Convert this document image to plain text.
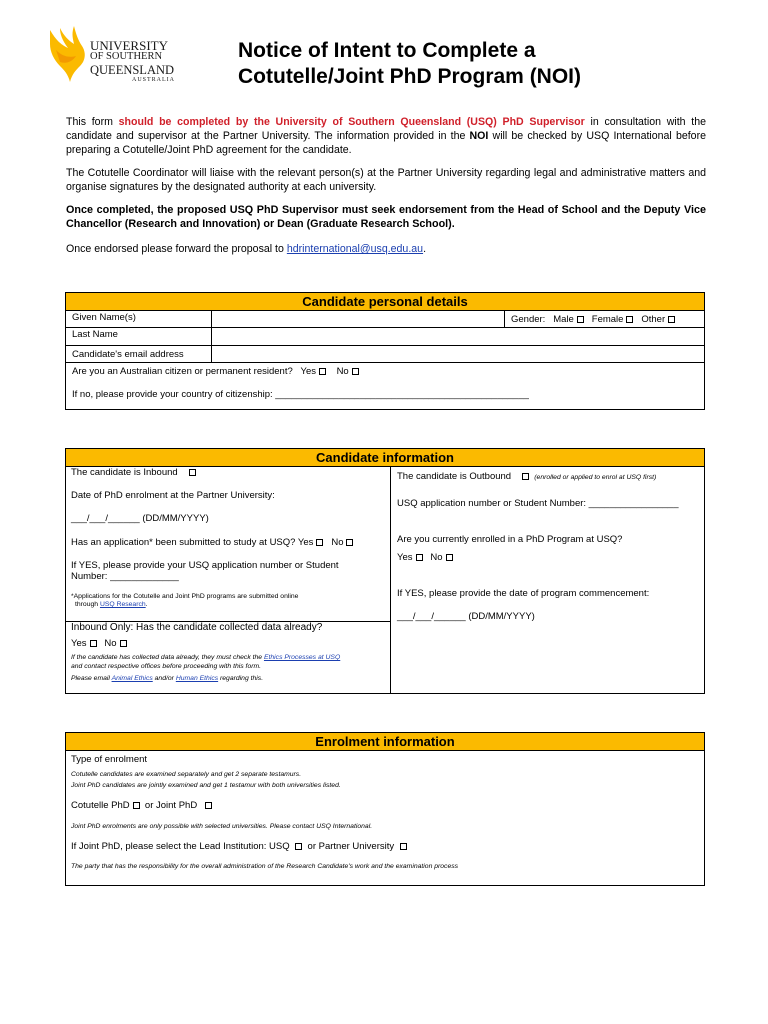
UNIVERSITY
OF SOUTHERN
QUEENSLAND
AUSTRALIA
Notice of Intent to Complete a
Cotutelle/Joint PhD Program (NOI)
This form should be completed by the University of Southern Queensland (USQ) PhD Supervisor in consultation with the candidate and supervisor at the Partner University. The information provided in the NOI will be checked by USQ International before preparing a Cotutelle/Joint PhD agreement for the candidate.
The Cotutelle Coordinator will liaise with the relevant person(s) at the Partner University regarding legal and administrative matters and organise signatures by the designated authority at each university.
Once completed, the proposed USQ PhD Supervisor must seek endorsement from the Head of School and the Deputy Vice Chancellor (Research and Innovation) or Dean (Graduate Research School).
Once endorsed please forward the proposal to hdrinternational@usq.edu.au.
Candidate personal details
Given Name(s)	Gender: Male Female Other
Last Name
Candidate's email address
Are you an Australian citizen or permanent resident? Yes No
If no, please provide your country of citizenship: ________________________________________________
Candidate information
The candidate is Inbound
Date of PhD enrolment at the Partner University:
___/___/______ (DD/MM/YYYY)
Has an application* been submitted to study at USQ? Yes No
If YES, please provide your USQ application number or Student
Number: _____________
*Applications for the Cotutelle and Joint PhD programs are submitted online
through USQ Research.
Inbound Only: Has the candidate collected data already?
Yes No
If the candidate has collected data already, they must check the Ethics Processes at USQ
and contact respective offices before proceeding with this form.
Please email Animal Ethics and/or Human Ethics regarding this.
The candidate is Outbound	(enrolled or applied to enrol at USQ first)
USQ application number or Student Number: _________________
Are you currently enrolled in a PhD Program at USQ?
Yes No
If YES, please provide the date of program commencement:
___/___/______ (DD/MM/YYYY)
Enrolment information
Type of enrolment
Cotutelle candidates are examined separately and get 2 separate testamurs.
Joint PhD candidates are jointly examined and get 1 testamur with both universities listed.
Cotutelle PhD or Joint PhD
Joint PhD enrolments are only possible with selected universities. Please contact USQ International.
If Joint PhD, please select the Lead Institution: USQ or Partner University
The party that has the responsibility for the overall administration of the Research Candidate's work and the examination process
